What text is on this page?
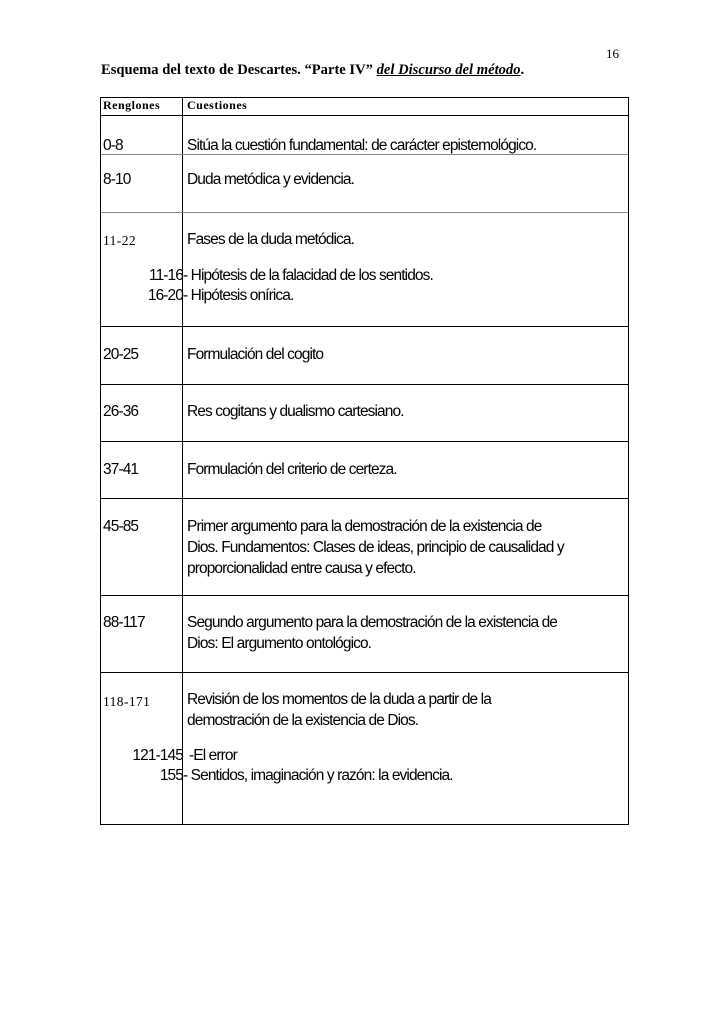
16
Esquema del texto de Descartes. “Parte IV” del Discurso del método.
Renglones Cuestiones
0-8	Sitúa la cuestión fundamental: de carácter epistemológico.
8-10	Duda metódica y evidencia.
11-22	Fases de la duda metódica.
11-16- Hipótesis de la falacidad de los sentidos.
16-20- Hipótesis onírica.
20-25	Formulación del cogito
26-36	Res cogitans y dualismo cartesiano.
37-41	Formulación del criterio de certeza.
45-85	Primer argumento para la demostración de la existencia de
Dios. Fundamentos: Clases de ideas, principio de causalidad y
proporcionalidad entre causa y efecto.
88-117	Segundo argumento para la demostración de la existencia de
Dios: El argumento ontológico.
118-171 Revisión de los momentos de la duda a partir de la
demostración de la existencia de Dios.
121-145 -El error
155- Sentidos, imaginación y razón: la evidencia.
